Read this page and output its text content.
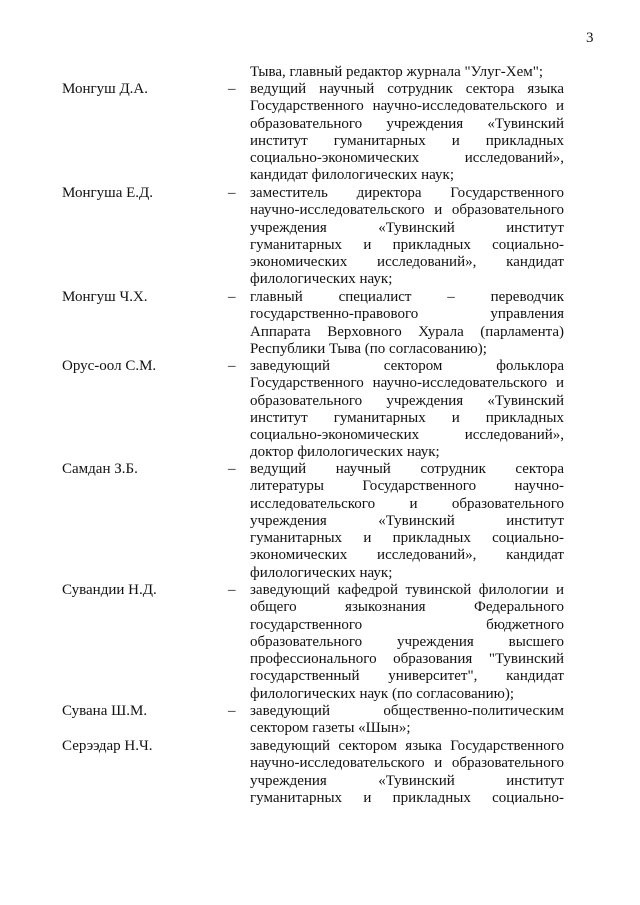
3
Тыва, главный редактор журнала "Улуг-Хем";
Монгуш Д.А.	– ведущий научный сотрудник сектора языка
Государственного научно-исследовательского и
образовательного учреждения «Тувинский
институт гуманитарных и прикладных
социально-экономических исследований»,
кандидат филологических наук;
Монгуша Е.Д.	– заместитель директора Государственного
научно-исследовательского и образовательного
учреждения «Тувинский институт
гуманитарных и прикладных социально-
экономических исследований», кандидат
филологических наук;
Монгуш Ч.Х.	– главный специалист – переводчик
государственно-правового управления
Аппарата Верховного Хурала (парламента)
Республики Тыва (по согласованию);
Орус-оол С.М.	– заведующий сектором фольклора
Государственного научно-исследовательского и
образовательного учреждения «Тувинский
институт гуманитарных и прикладных
социально-экономических исследований»,
доктор филологических наук;
Самдан З.Б.	– ведущий научный сотрудник сектора
литературы Государственного научно-
исследовательского и образовательного
учреждения «Тувинский институт
гуманитарных и прикладных социально-
экономических исследований», кандидат
филологических наук;
Сувандии Н.Д.	– заведующий кафедрой тувинской филологии и
общего языкознания Федерального
государственного бюджетного
образовательного учреждения высшего
профессионального образования "Тувинский
государственный университет", кандидат
филологических наук (по согласованию);
Сувана Ш.М.	– заведующий общественно-политическим
сектором газеты «Шын»;
Серээдар Н.Ч.	заведующий сектором языка Государственного
научно-исследовательского и образовательного
учреждения «Тувинский институт
гуманитарных и прикладных социально-
